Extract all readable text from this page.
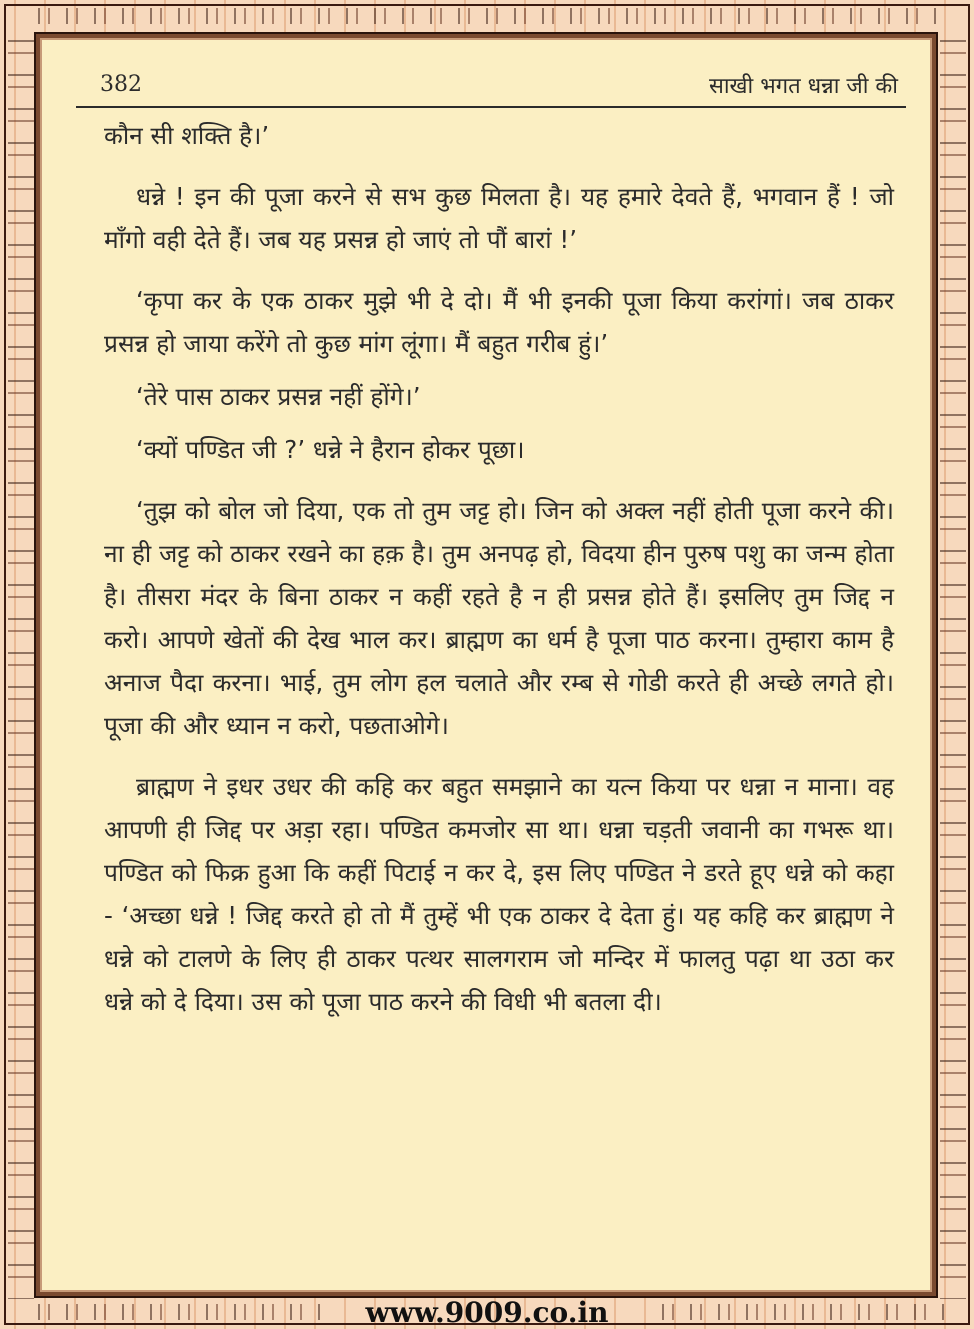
382	साखी भगत धन्ना जी की

कौन सी शक्ति है।’

धन्ने ! इन की पूजा करने से सभ कुछ मिलता है। यह हमारे देवते हैं, भगवान हैं ! जो माँगो वही देते हैं। जब यह प्रसन्न हो जाएं तो पौं बारां !’

‘कृपा कर के एक ठाकर मुझे भी दे दो। मैं भी इनकी पूजा किया करांगां। जब ठाकर प्रसन्न हो जाया करेंगे तो कुछ मांग लूंगा। मैं बहुत गरीब हुं।’

‘तेरे पास ठाकर प्रसन्न नहीं होंगे।’

‘क्यों पण्डित जी ?’ धन्ने ने हैरान होकर पूछा।

‘तुझ को बोल जो दिया, एक तो तुम जट्ट हो। जिन को अक्ल नहीं होती पूजा करने की। ना ही जट्ट को ठाकर रखने का हक़ है। तुम अनपढ़ हो, विदया हीन पुरुष पशु का जन्म होता है। तीसरा मंदर के बिना ठाकर न कहीं रहते है न ही प्रसन्न होते हैं। इसलिए तुम जिद्द न करो। आपणे खेतों की देख भाल कर। ब्राह्मण का धर्म है पूजा पाठ करना। तुम्हारा काम है अनाज पैदा करना। भाई, तुम लोग हल चलाते और रम्ब से गोडी करते ही अच्छे लगते हो। पूजा की और ध्यान न करो, पछताओगे।

ब्राह्मण ने इधर उधर की कहि कर बहुत समझाने का यत्न किया पर धन्ना न माना। वह आपणी ही जिद्द पर अड़ा रहा। पण्डित कमजोर सा था। धन्ना चड़ती जवानी का गभरू था। पण्डित को फिक्र हुआ कि कहीं पिटाई न कर दे, इस लिए पण्डित ने डरते हूए धन्ने को कहा - ‘अच्छा धन्ने ! जिद्द करते हो तो मैं तुम्हें भी एक ठाकर दे देता हुं। यह कहि कर ब्राह्मण ने धन्ने को टालणे के लिए ही ठाकर पत्थर सालगराम जो मन्दिर में फालतु पढ़ा था उठा कर धन्ने को दे दिया। उस को पूजा पाठ करने की विधी भी बतला दी।

www.9009.co.in
